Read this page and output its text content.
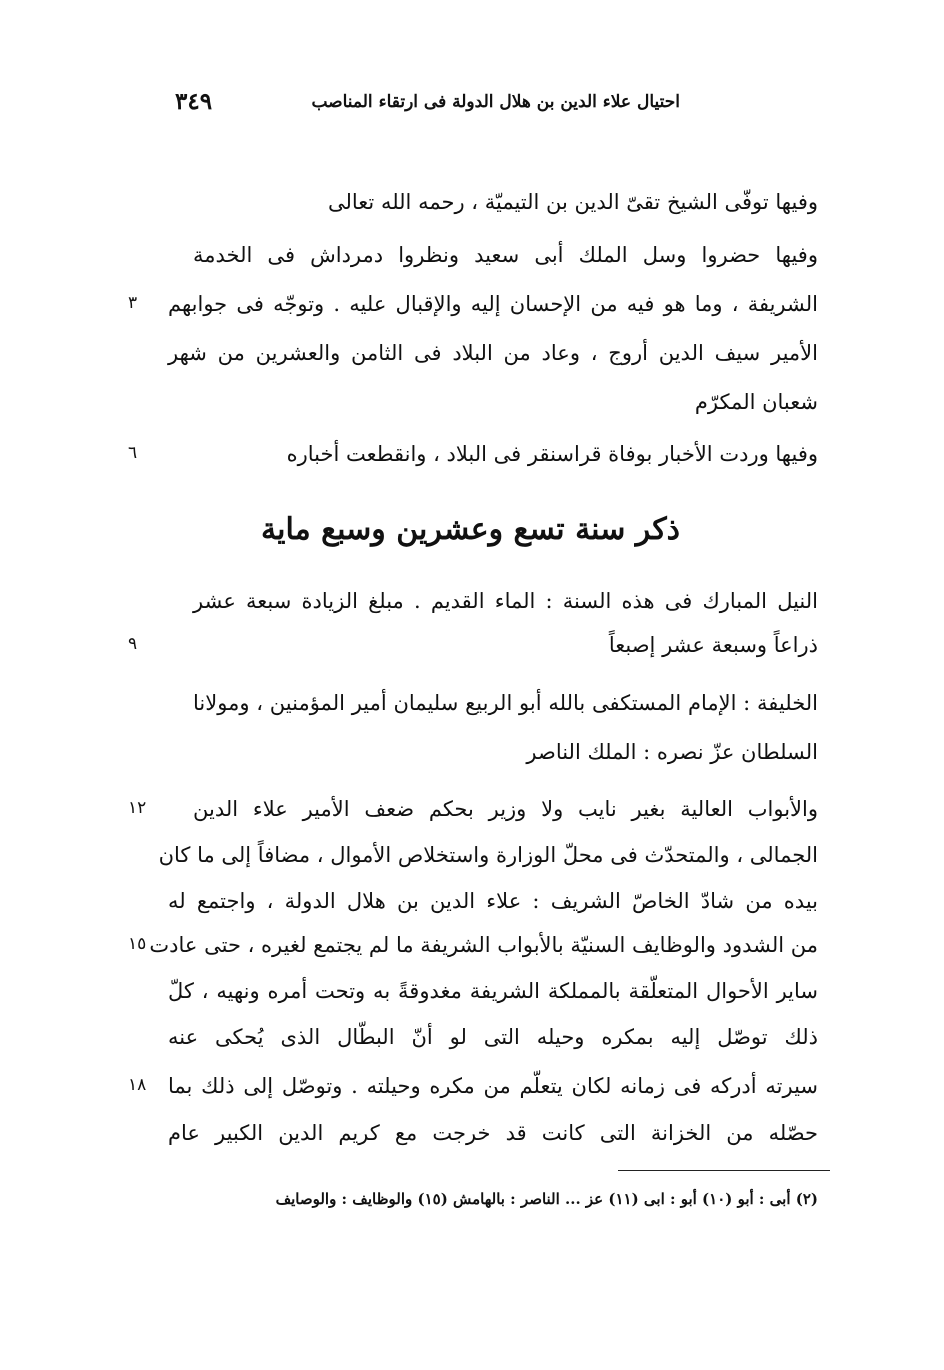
٣٤٩	احتيال علاء الدين بن هلال الدولة فى ارتقاء المناصب
وفيها توفّى الشيخ تقىّ الدين بن التيميّة ، رحمه الله تعالى
وفيها حضروا وسل الملك أبى سعيد ونظروا دمرداش فى الخدمة
الشريفة ، وما هو فيه من الإحسان إليه والإقبال عليه . وتوجّه فى جوابهم
٣
الأمير سيف الدين أروج ، وعاد من البلاد فى الثامن والعشرين من شهر
شعبان المكرّم
وفيها وردت الأخبار بوفاة قراسنقر فى البلاد ، وانقطعت أخباره
٦
ذكر سنة تسع وعشرين وسبع ماية
النيل المبارك فى هذه السنة : الماء القديم . مبلغ الزيادة سبعة عشر
ذراعاً وسبعة عشر إصبعاً
٩
الخليفة : الإمام المستكفى بالله أبو الربيع سليمان أمير المؤمنين ، ومولانا
السلطان عزّ نصره : الملك الناصر
والأبواب العالية بغير نايب ولا وزير بحكم ضعف الأمير علاء الدين
١٢
الجمالى ، والمتحدّث فى محلّ الوزارة واستخلاص الأموال ، مضافاً إلى ما كان
بيده من شادّ الخاصّ الشريف : علاء الدين بن هلال الدولة ، واجتمع له
من الشدود والوظايف السنيّة بالأبواب الشريفة ما لم يجتمع لغيره ، حتى عادت
١٥
ساير الأحوال المتعلّقة بالمملكة الشريفة مغدوقةً به وتحت أمره ونهيه ، كلّ
ذلك توصّل إليه بمكره وحيله التى لو أنّ البطّال الذى يُحكى عنه
سيرته أدركه فى زمانه لكان يتعلّم من مكره وحيلته . وتوصّل إلى ذلك بما
١٨
حصّله من الخزانة التى كانت قد خرجت مع كريم الدين الكبير عام
(٢) أبى : أبو (١٠) أبو : ابى (١١) عز ... الناصر : بالهامش (١٥) والوظايف : والوصايف
